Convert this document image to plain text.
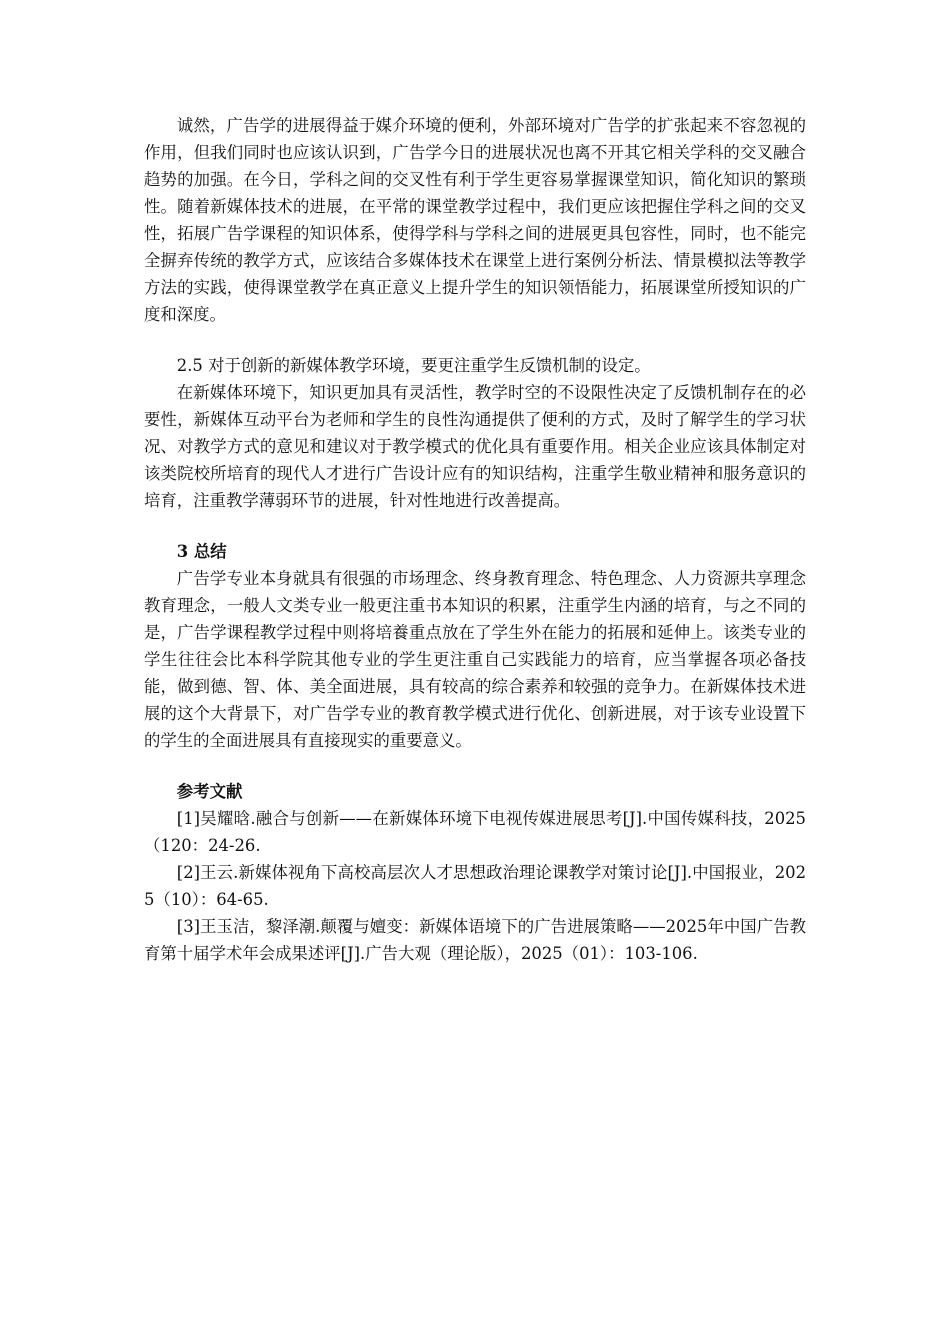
诚然，广告学的进展得益于媒介环境的便利，外部环境对广告学的扩张起来不容忽视的作用，但我们同时也应该认识到，广告学今日的进展状况也离不开其它相关学科的交叉融合趋势的加强。在今日，学科之间的交叉性有利于学生更容易掌握课堂知识，简化知识的繁琐性。随着新媒体技术的进展，在平常的课堂教学过程中，我们更应该把握住学科之间的交叉性，拓展广告学课程的知识体系，使得学科与学科之间的进展更具包容性，同时，也不能完全摒弃传统的教学方式，应该结合多媒体技术在课堂上进行案例分析法、情景模拟法等教学方法的实践，使得课堂教学在真正意义上提升学生的知识领悟能力，拓展课堂所授知识的广度和深度。

2.5 对于创新的新媒体教学环境，要更注重学生反馈机制的设定。

在新媒体环境下，知识更加具有灵活性，教学时空的不设限性决定了反馈机制存在的必要性，新媒体互动平台为老师和学生的良性沟通提供了便利的方式，及时了解学生的学习状况、对教学方式的意见和建议对于教学模式的优化具有重要作用。相关企业应该具体制定对该类院校所培育的现代人才进行广告设计应有的知识结构，注重学生敬业精神和服务意识的培育，注重教学薄弱环节的进展，针对性地进行改善提高。

3 总结

广告学专业本身就具有很强的市场理念、终身教育理念、特色理念、人力资源共享理念教育理念，一般人文类专业一般更注重书本知识的积累，注重学生内涵的培育，与之不同的是，广告学课程教学过程中则将培養重点放在了学生外在能力的拓展和延伸上。该类专业的学生往往会比本科学院其他专业的学生更注重自己实践能力的培育，应当掌握各项必备技能，做到德、智、体、美全面进展，具有较高的综合素养和较强的竞争力。在新媒体技术进展的这个大背景下，对广告学专业的教育教学模式进行优化、创新进展，对于该专业设置下的学生的全面进展具有直接现实的重要意义。

参考文献

[1]吴耀晗.融合与创新——在新媒体环境下电视传媒进展思考[J].中国传媒科技，2025（120：24-26.

[2]王云.新媒体视角下高校高层次人才思想政治理论课教学对策讨论[J].中国报业，2025（10）：64-65.

[3]王玉洁，黎泽潮.颠覆与嬗变：新媒体语境下的广告进展策略——2025年中国广告教育第十届学术年会成果述评[J].广告大观（理论版），2025（01）：103-106.
